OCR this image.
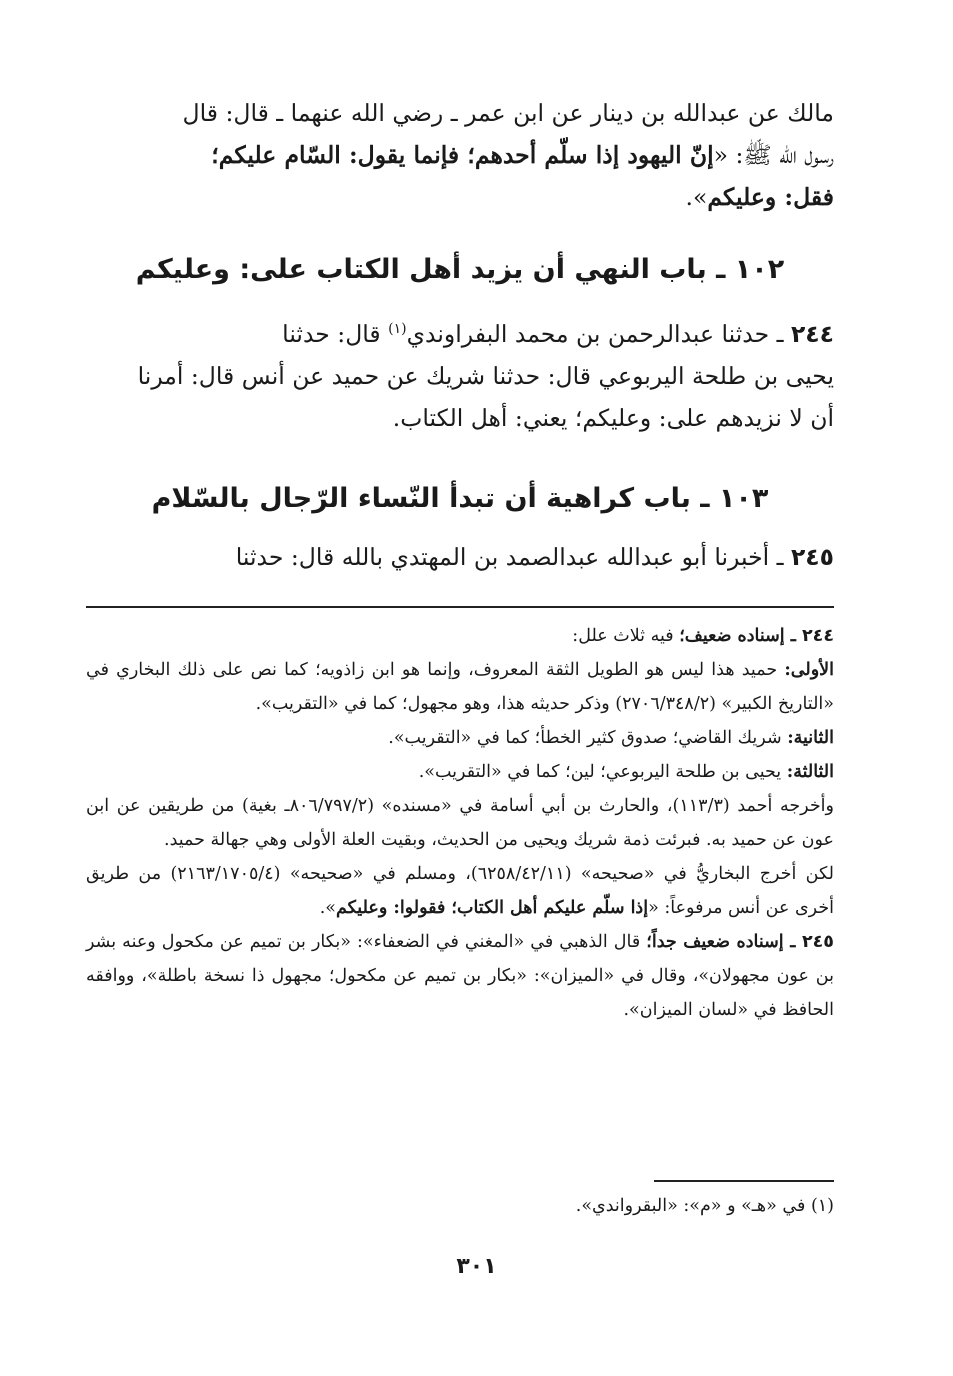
مالك عن عبدالله بن دينار عن ابن عمر ـ رضي الله عنهما ـ قال: قال

رسول الله ﷺ: «إنّ اليهود إذا سلّم أحدهم؛ فإنما يقول: السّام عليكم؛

فقل: وعليكم».

١٠٢ ـ باب النهي أن يزيد أهل الكتاب على: وعليكم

٢٤٤ ـ حدثنا عبدالرحمن بن محمد البفراوندي$^{(١)}$ قال: حدثنا

يحيى بن طلحة اليربوعي قال: حدثنا شريك عن حميد عن أنس قال: أمرنا

أن لا نزيدهم على: وعليكم؛ يعني: أهل الكتاب.

١٠٣ ـ باب كراهية أن تبدأ النّساء الرّجال بالسّلام

٢٤٥ ـ أخبرنا أبو عبدالله عبدالصمد بن المهتدي بالله قال: حدثنا

٢٤٤ ـ إسناده ضعيف؛ فيه ثلاث علل:

الأولى: حميد هذا ليس هو الطويل الثقة المعروف، وإنما هو ابن زاذويه؛ كما نص على ذلك البخاري في «التاريخ الكبير» (٢٧٠٦/٣٤٨/٢) وذكر حديثه هذا، وهو مجهول؛ كما في «التقريب».

الثانية: شريك القاضي؛ صدوق كثير الخطأ؛ كما في «التقريب».

الثالثة: يحيى بن طلحة اليربوعي؛ لين؛ كما في «التقريب».

وأخرجه أحمد (١١٣/٣)، والحارث بن أبي أسامة في «مسنده» (٨٠٦/٧٩٧/٢ـ بغية) من طريقين عن ابن عون عن حميد به. فبرئت ذمة شريك ويحيى من الحديث، وبقيت العلة الأولى وهي جهالة حميد.

لكن أخرج البخاريُّ في «صحيحه» (٦٢٥٨/٤٢/١١)، ومسلم في «صحيحه» (٢١٦٣/١٧٠٥/٤) من طريق أخرى عن أنس مرفوعاً: «إذا سلّم عليكم أهل الكتاب؛ فقولوا: وعليكم».

٢٤٥ ـ إسناده ضعيف جداً؛ قال الذهبي في «المغني في الضعفاء»: «بكار بن تميم عن مكحول وعنه بشر بن عون مجهولان»، وقال في «الميزان»: «بكار بن تميم عن مكحول؛ مجهول ذا نسخة باطلة»، ووافقه الحافظ في «لسان الميزان».

(١) في «هـ» و «م»: «البقرواندي».
٣٠١
